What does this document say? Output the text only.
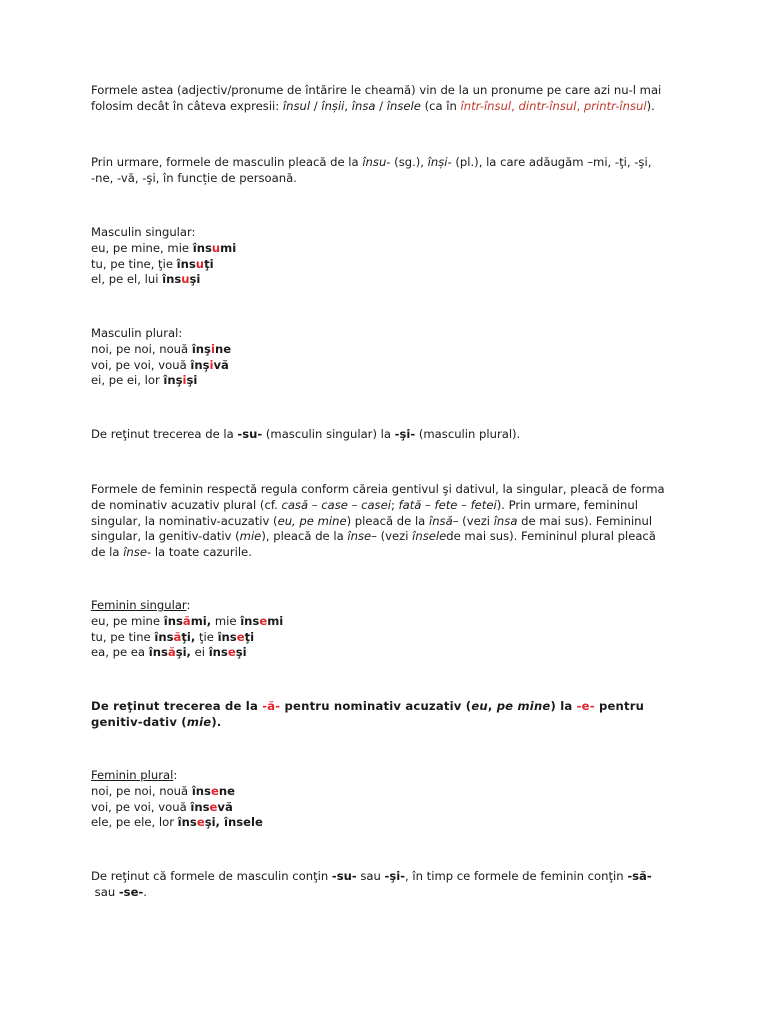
Formele astea (adjectiv/pronume de întărire le cheamă) vin de la un pronume pe care azi nu-l mai
folosim decât în câteva expresii: însul / înșii, însa / însele (ca în într-însul, dintr-însul, printr-însul).
Prin urmare, formele de masculin pleacă de la însu- (sg.), înși- (pl.), la care adăugăm –mi, -ţi, -şi,
-ne, -vă, -şi, în funcție de persoană.
Masculin singular:
eu, pe mine, mie însumi
tu, pe tine, ţie însuţi
el, pe el, lui însuşi
Masculin plural:
noi, pe noi, nouă înşine
voi, pe voi, vouă înşivă
ei, pe ei, lor înşişi
De reţinut trecerea de la -su- (masculin singular) la -şi- (masculin plural).
Formele de feminin respectă regula conform căreia gentivul şi dativul, la singular, pleacă de forma
de nominativ acuzativ plural (cf. casă – case – casei; fată – fete – fetei). Prin urmare, femininul
singular, la nominativ-acuzativ (eu, pe mine) pleacă de la însă– (vezi însa de mai sus). Femininul
singular, la genitiv-dativ (mie), pleacă de la înse– (vezi înselede mai sus). Femininul plural pleacă
de la înse- la toate cazurile.
Feminin singular:
eu, pe mine însămi, mie însemi
tu, pe tine însăţi, ţie înseţi
ea, pe ea însăşi, ei înseşi
De reţinut trecerea de la -ă- pentru nominativ acuzativ (eu, pe mine) la -e- pentru
genitiv-dativ (mie).
Feminin plural:
noi, pe noi, nouă însene
voi, pe voi, vouă însevă
ele, pe ele, lor înseşi, însele
De reţinut că formele de masculin conţin -su- sau -şi-, în timp ce formele de feminin conţin -să-
sau -se-.
